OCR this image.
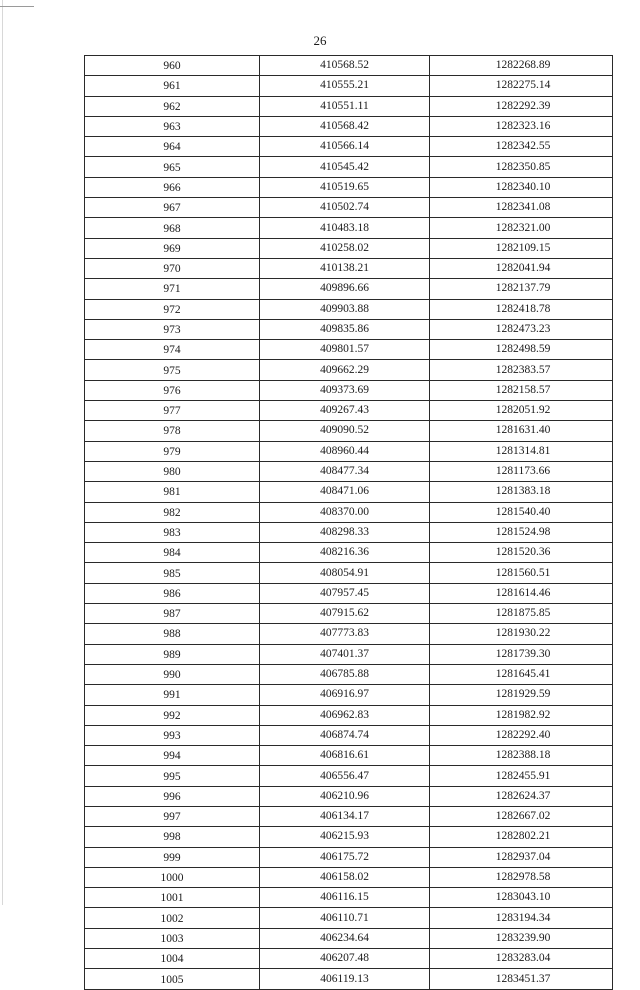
26
960	410568.52	1282268.89
961	410555.21	1282275.14
962	410551.11	1282292.39
963	410568.42	1282323.16
964	410566.14	1282342.55
965	410545.42	1282350.85
966	410519.65	1282340.10
967	410502.74	1282341.08
968	410483.18	1282321.00
969	410258.02	1282109.15
970	410138.21	1282041.94
971	409896.66	1282137.79
972	409903.88	1282418.78
973	409835.86	1282473.23
974	409801.57	1282498.59
975	409662.29	1282383.57
976	409373.69	1282158.57
977	409267.43	1282051.92
978	409090.52	1281631.40
979	408960.44	1281314.81
980	408477.34	1281173.66
981	408471.06	1281383.18
982	408370.00	1281540.40
983	408298.33	1281524.98
984	408216.36	1281520.36
985	408054.91	1281560.51
986	407957.45	1281614.46
987	407915.62	1281875.85
988	407773.83	1281930.22
989	407401.37	1281739.30
990	406785.88	1281645.41
991	406916.97	1281929.59
992	406962.83	1281982.92
993	406874.74	1282292.40
994	406816.61	1282388.18
995	406556.47	1282455.91
996	406210.96	1282624.37
997	406134.17	1282667.02
998	406215.93	1282802.21
999	406175.72	1282937.04
1000	406158.02	1282978.58
1001	406116.15	1283043.10
1002	406110.71	1283194.34
1003	406234.64	1283239.90
1004	406207.48	1283283.04
1005	406119.13	1283451.37
